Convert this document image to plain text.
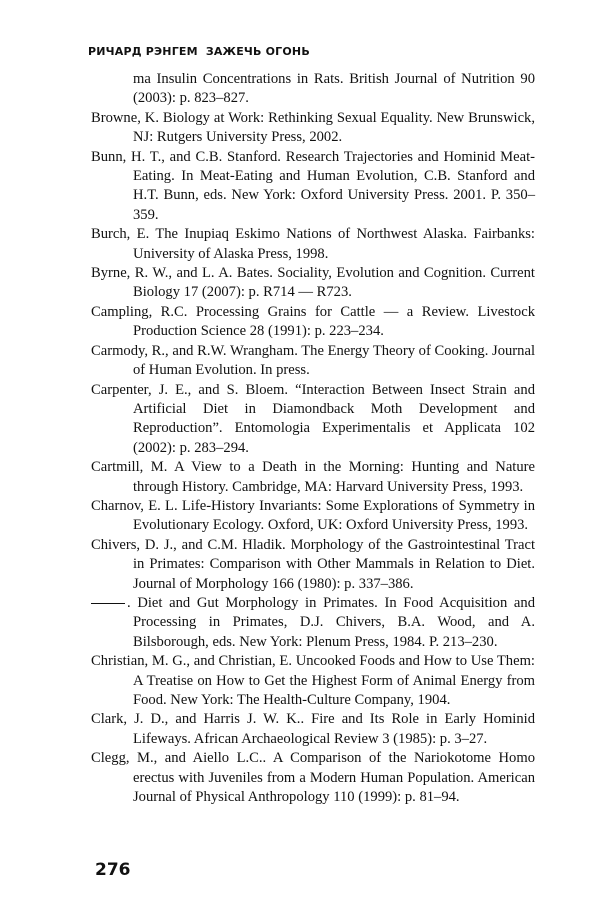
РИЧАРД РЭНГЕМ ЗАЖЕЧЬ ОГОНЬ

ma Insulin Concentrations in Rats. British Journal of Nutrition 90 (2003): p. 823–827.

Browne, K. Biology at Work: Rethinking Sexual Equality. New Brunswick, NJ: Rutgers University Press, 2002.

Bunn, H. T., and C.B. Stanford. Research Trajectories and Hominid Meat-Eating. In Meat-Eating and Human Evolution, C.B. Stanford and H.T. Bunn, eds. New York: Oxford University Press. 2001. P. 350–359.

Burch, E. The Inupiaq Eskimo Nations of Northwest Alaska. Fairbanks: University of Alaska Press, 1998.

Byrne, R. W., and L. A. Bates. Sociality, Evolution and Cognition. Current Biology 17 (2007): p. R714 — R723.

Campling, R.C. Processing Grains for Cattle — a Review. Livestock Production Science 28 (1991): p. 223–234.

Carmody, R., and R.W. Wrangham. The Energy Theory of Cooking. Journal of Human Evolution. In press.

Carpenter, J. E., and S. Bloem. “Interaction Between Insect Strain and Artificial Diet in Diamondback Moth Development and Reproduction”. Entomologia Experimentalis et Applicata 102 (2002): p. 283–294.

Cartmill, M. A View to a Death in the Morning: Hunting and Nature through History. Cambridge, MA: Harvard University Press, 1993.

Charnov, E. L. Life-History Invariants: Some Explorations of Symmetry in Evolutionary Ecology. Oxford, UK: Oxford University Press, 1993.

Chivers, D. J., and C.M. Hladik. Morphology of the Gastrointestinal Tract in Primates: Comparison with Other Mammals in Relation to Diet. Journal of Morphology 166 (1980): p. 337–386.

. Diet and Gut Morphology in Primates. In Food Acquisition and Processing in Primates, D.J. Chivers, B.A. Wood, and A. Bilsborough, eds. New York: Plenum Press, 1984. P. 213–230.

Christian, M. G., and Christian, E. Uncooked Foods and How to Use Them: A Treatise on How to Get the Highest Form of Animal Energy from Food. New York: The Health-Culture Company, 1904.

Clark, J. D., and Harris J. W. K.. Fire and Its Role in Early Hominid Lifeways. African Archaeological Review 3 (1985): p. 3–27.

Clegg, M., and Aiello L.C.. A Comparison of the Nariokotome Homo erectus with Juveniles from a Modern Human Population. American Journal of Physical Anthropology 110 (1999): p. 81–94.

276
